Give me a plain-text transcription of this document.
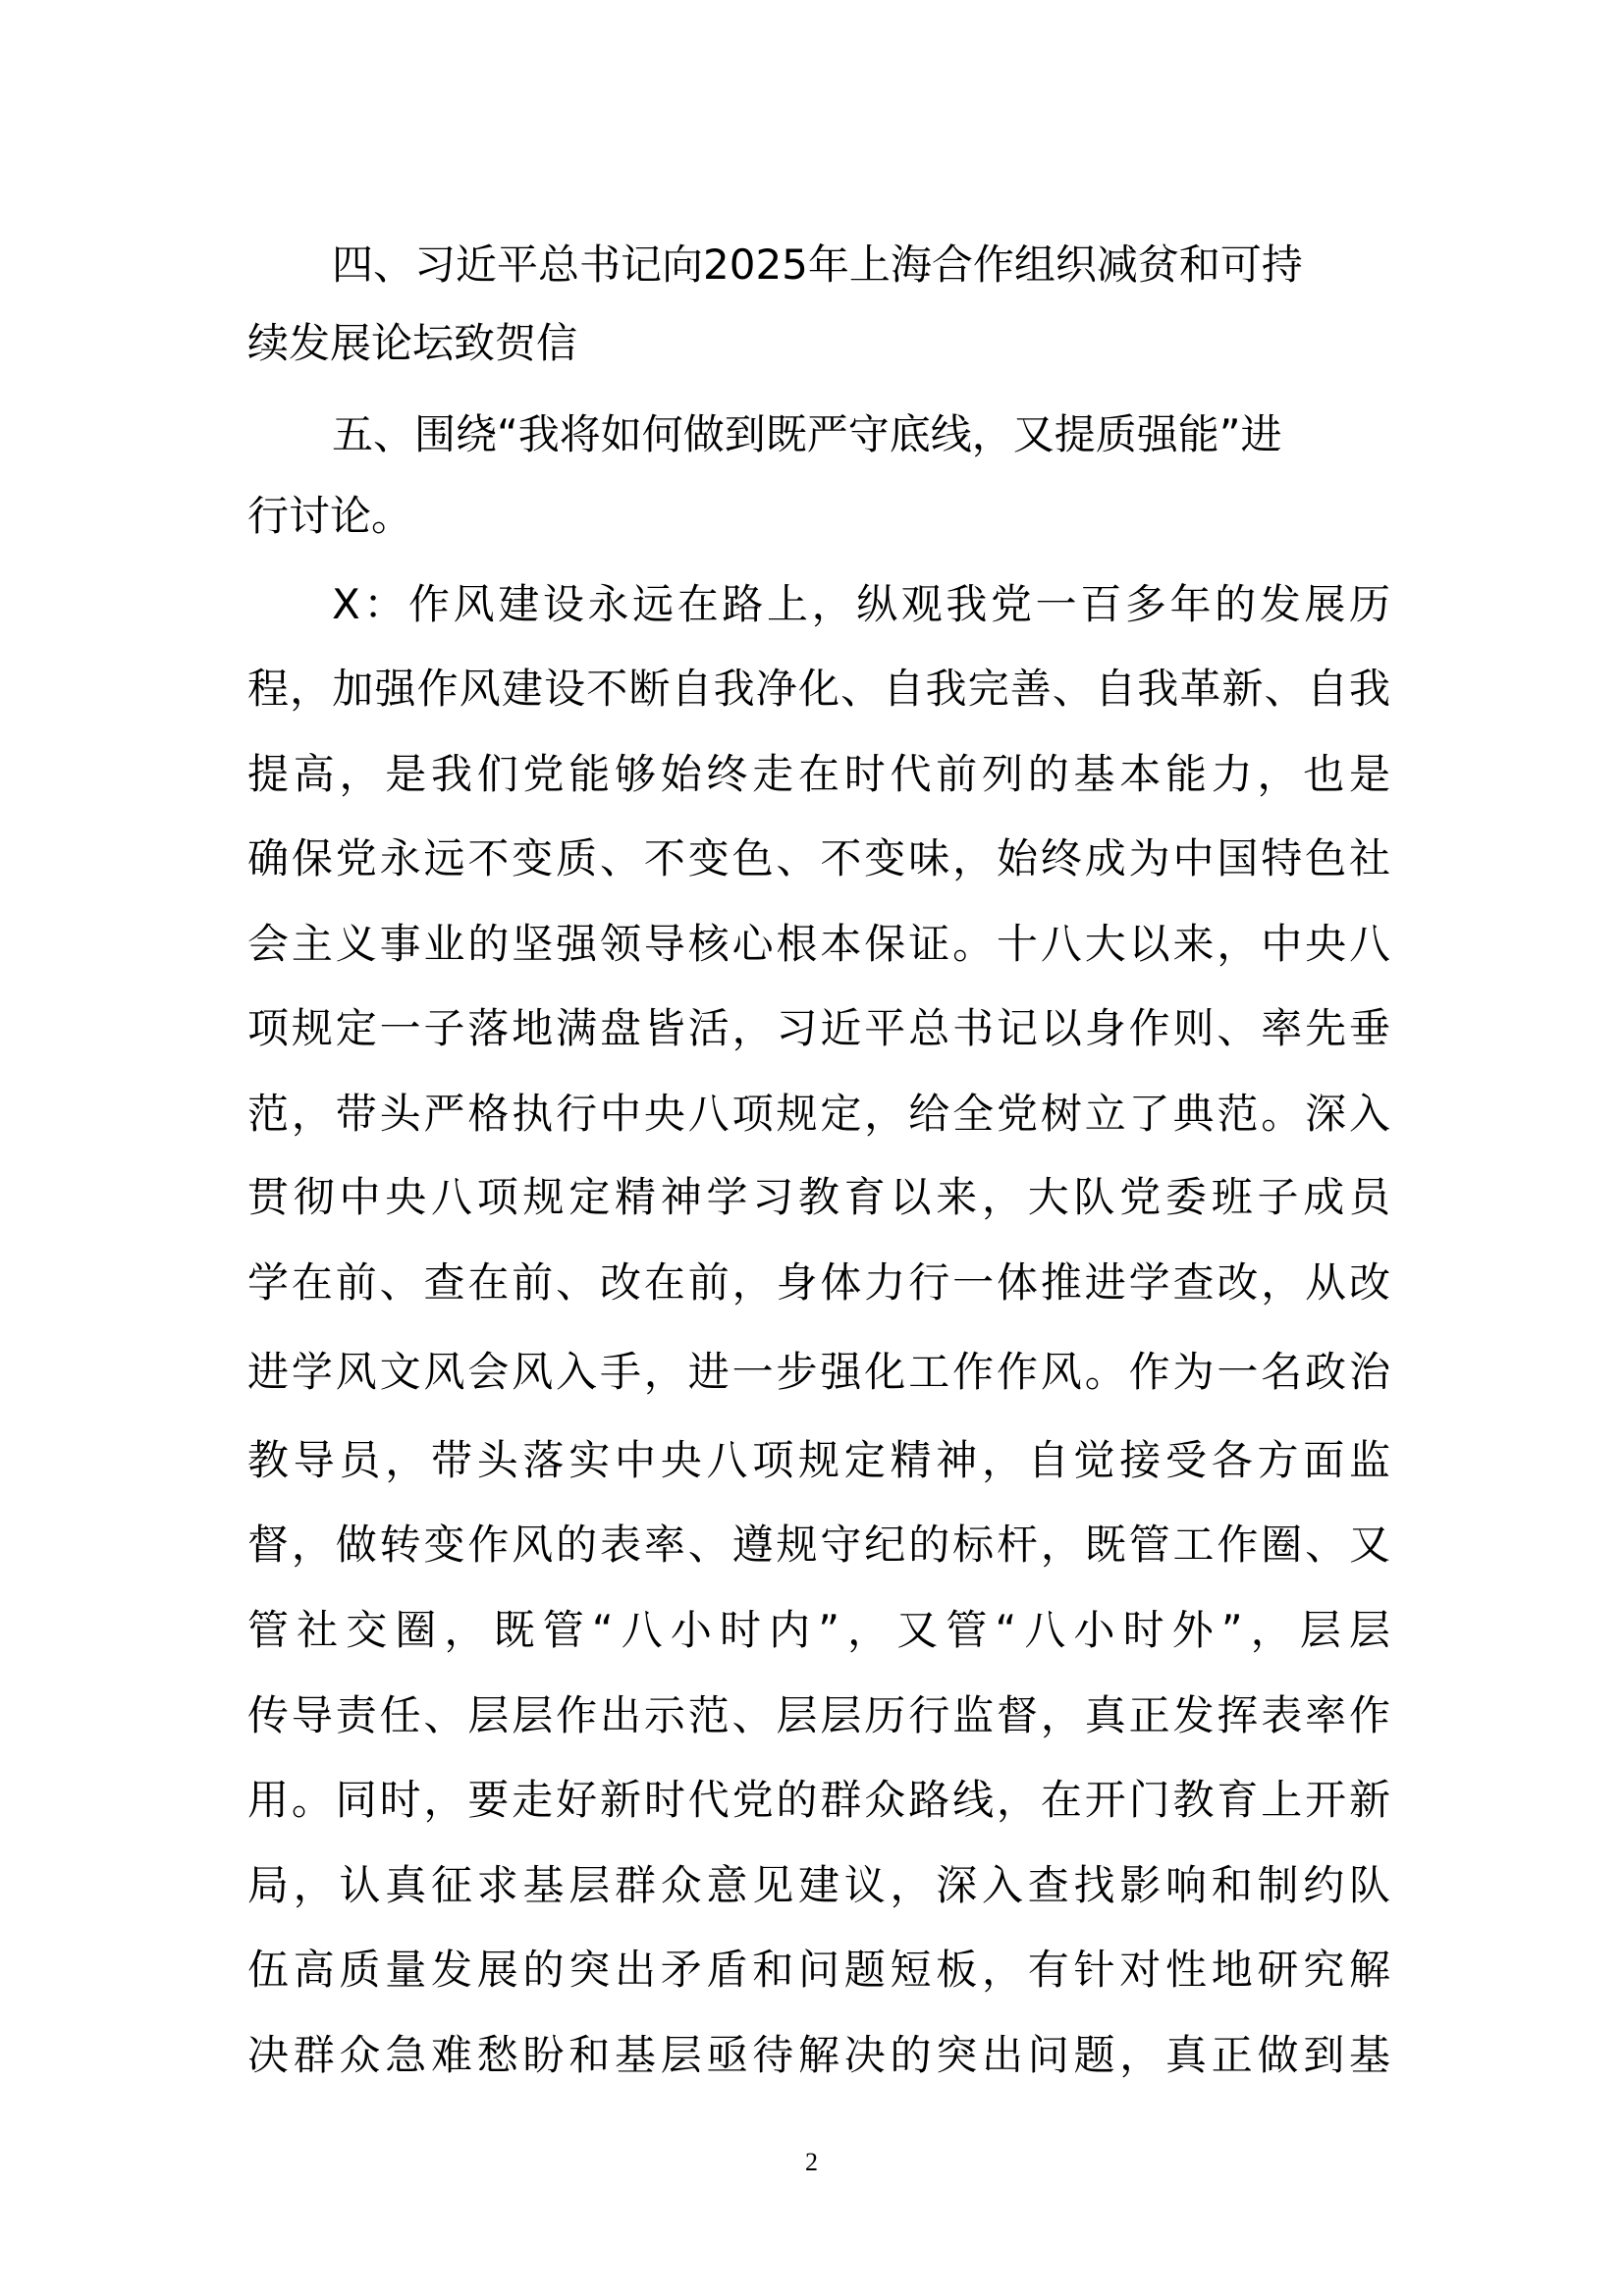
四、习近平总书记向2025年上海合作组织减贫和可持
续发展论坛致贺信
五、围绕“我将如何做到既严守底线，又提质强能”进
行讨论。
X：作风建设永远在路上，纵观我党一百多年的发展历
程，加强作风建设不断自我净化、自我完善、自我革新、自我
提高，是我们党能够始终走在时代前列的基本能力，也是
确保党永远不变质、不变色、不变味，始终成为中国特色社
会主义事业的坚强领导核心根本保证。十八大以来，中央八
项规定一子落地满盘皆活，习近平总书记以身作则、率先垂
范，带头严格执行中央八项规定，给全党树立了典范。深入
贯彻中央八项规定精神学习教育以来，大队党委班子成员
学在前、查在前、改在前，身体力行一体推进学查改，从改
进学风文风会风入手，进一步强化工作作风。作为一名政治
教导员，带头落实中央八项规定精神，自觉接受各方面监
督，做转变作风的表率、遵规守纪的标杆，既管工作圈、又
管社交圈，既管“八小时内”，又管“八小时外”，层层
传导责任、层层作出示范、层层历行监督，真正发挥表率作
用。同时，要走好新时代党的群众路线，在开门教育上开新
局，认真征求基层群众意见建议，深入查找影响和制约队
伍高质量发展的突出矛盾和问题短板，有针对性地研究解
决群众急难愁盼和基层亟待解决的突出问题，真正做到基
2
